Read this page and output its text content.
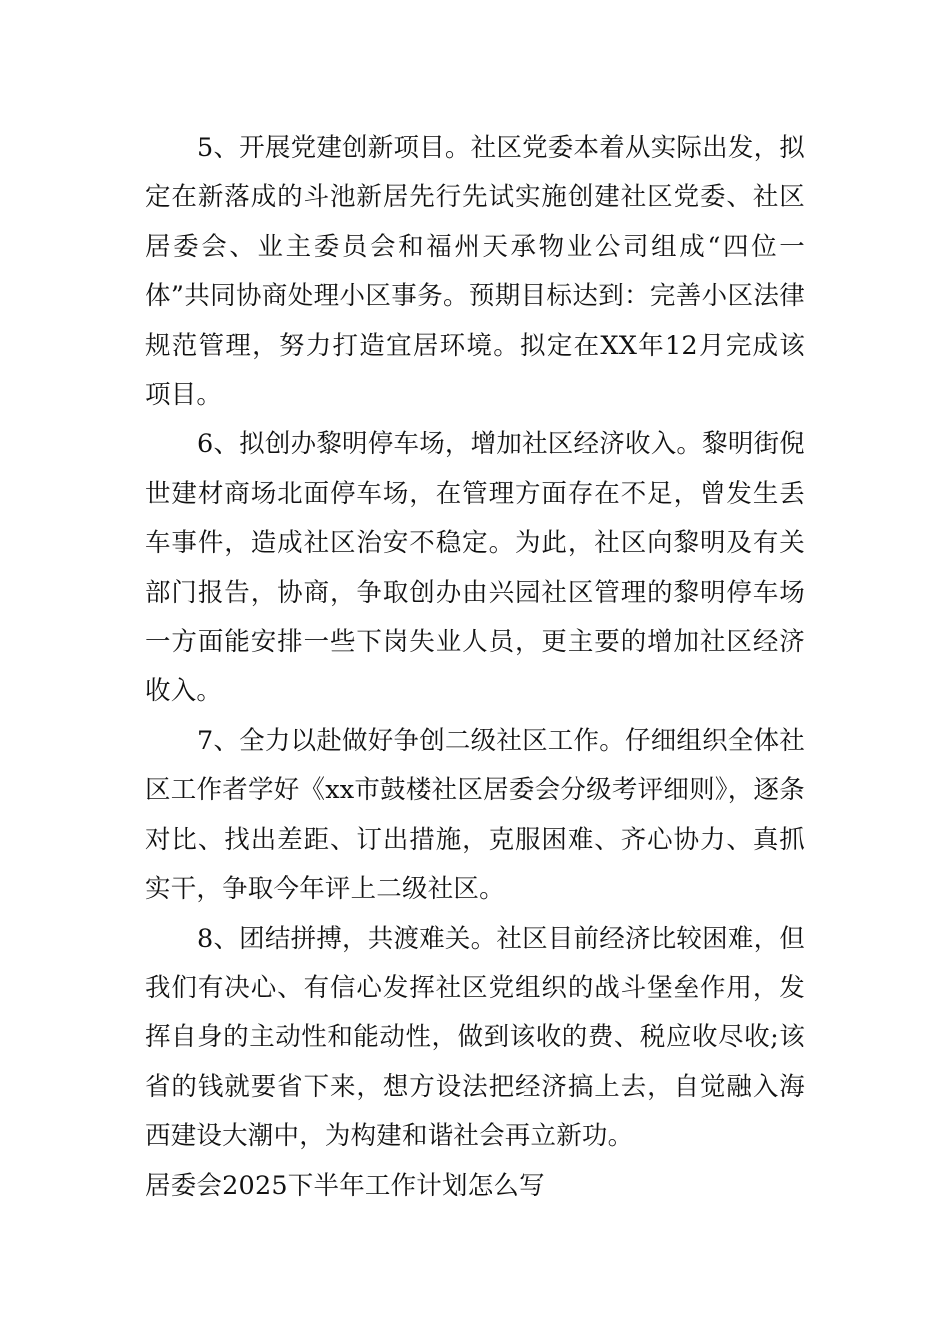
5、开展党建创新项目。社区党委本着从实际出发，拟定在新落成的斗池新居先行先试实施创建社区党委、社区居委会、业主委员会和福州天承物业公司组成“四位一体”共同协商处理小区事务。预期目标达到：完善小区法律规范管理，努力打造宜居环境。拟定在XX年12月完成该项目。

6、拟创办黎明停车场，增加社区经济收入。黎明街倪世建材商场北面停车场，在管理方面存在不足，曾发生丢车事件，造成社区治安不稳定。为此，社区向黎明及有关部门报告，协商，争取创办由兴园社区管理的黎明停车场一方面能安排一些下岗失业人员，更主要的增加社区经济收入。

7、全力以赴做好争创二级社区工作。仔细组织全体社区工作者学好《xx市鼓楼社区居委会分级考评细则》，逐条对比、找出差距、订出措施，克服困难、齐心协力、真抓实干，争取今年评上二级社区。

8、团结拼搏，共渡难关。社区目前经济比较困难，但我们有决心、有信心发挥社区党组织的战斗堡垒作用，发挥自身的主动性和能动性，做到该收的费、税应收尽收;该省的钱就要省下来，想方设法把经济搞上去，自觉融入海西建设大潮中，为构建和谐社会再立新功。

居委会2025下半年工作计划怎么写
